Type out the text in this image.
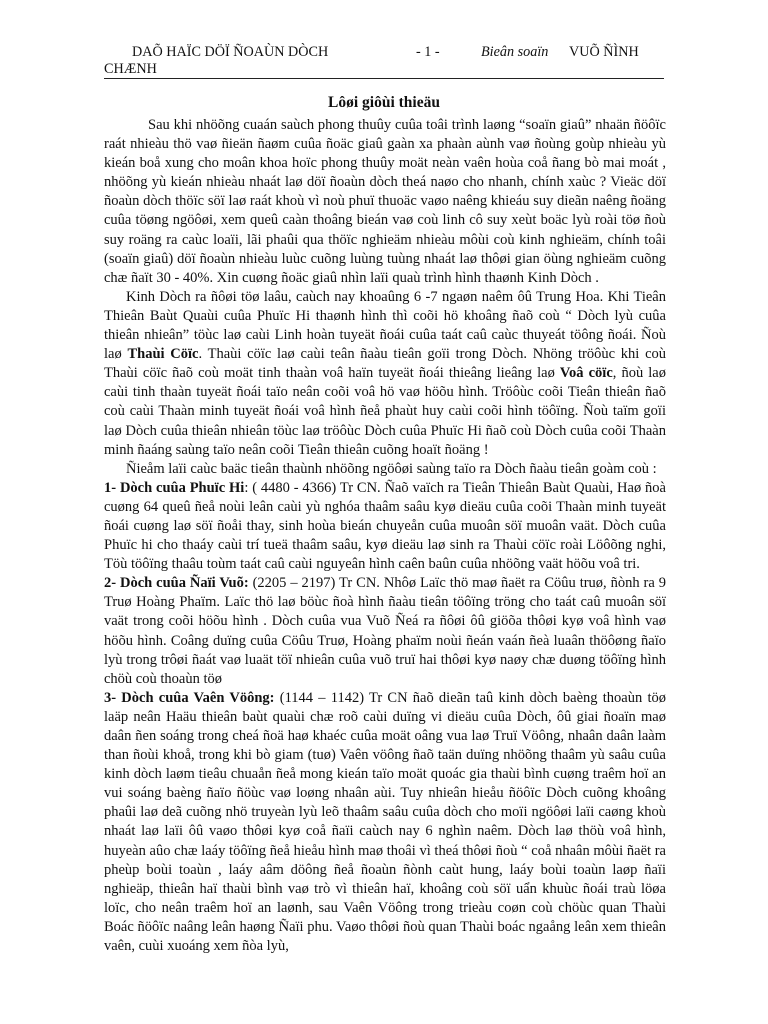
DAÕ HAÏC DÖÏ ÑOAÙN DÒCH	- 1 -	Bieân soaïn VUÕ ÑÌNH
CHÆNH
Lôøi giôùi thieäu

Sau khi nhöõng cuaán saùch phong thuûy cuûa toâi trình laøng “soaïn giaû” nhaän ñöôïc raát nhieàu thö vaø ñieän ñaøm cuûa ñoäc giaû gaàn xa phaàn aùnh vaø ñoùng goùp nhieàu yù kieán boå xung cho moân khoa hoïc phong thuûy moät neàn vaên hoùa coå ñang bò mai moát , nhöõng yù kieán nhieàu nhaát laø döï ñoaùn dòch theá naøo cho nhanh, chính xaùc ? Vieäc döï ñoaùn dòch thöïc söï laø raát khoù vì noù phuï thuoäc vaøo naêng khieáu suy dieãn naêng ñoäng cuûa töøng ngöôøi, xem queû caàn thoâng bieán vaø coù linh cô suy xeùt boäc lyù roài töø ñoù suy roäng ra caùc loaïi, lãi phaûi qua thöïc nghieäm nhieàu môùi coù kinh nghieäm, chính toâi (soaïn giaû) döï ñoaùn nhieàu luùc cuõng luùng tuùng nhaát laø thôøi gian öùng nghieäm cuõng chæ ñaït 30 - 40%. Xin cuøng ñoäc giaû nhìn laïi quaù trình hình thaønh Kinh Dòch .

Kinh Dòch ra ñôøi töø laâu, caùch nay khoaûng 6 -7 ngaøn naêm ôû Trung Hoa. Khi Tieân Thieân Baùt Quaùi cuûa Phuïc Hi thaønh hình thì coõi hö khoâng ñaõ coù “ Dòch lyù cuûa thieân nhieân” töùc laø caùi Linh hoàn tuyeät ñoái cuûa taát caû caùc thuyeát töông ñoái. Ñoù laø Thaùi Cöïc. Thaùi cöïc laø caùi teân ñaàu tieân goïi trong Dòch. Nhöng tröôùc khi coù Thaùi cöïc ñaõ coù moät tinh thaàn voâ haïn tuyeät ñoái thieâng lieâng laø Voâ cöïc, ñoù laø caùi tinh thaàn tuyeät ñoái taïo neân coõi voâ hö vaø höõu hình. Tröôùc coõi Tieân thieân ñaõ coù caùi Thaàn minh tuyeät ñoái voâ hình ñeå phaùt huy caùi coõi hình töôïng. Ñoù taïm goïi laø Dòch cuûa thieân nhieân töùc laø tröôùc Dòch cuûa Phuïc Hi ñaõ coù Dòch cuûa coõi Thaàn minh ñaáng saùng taïo neân coõi Tieân thieân cuõng hoaït ñoäng !

Ñieåm laïi caùc baäc tieân thaùnh nhöõng ngöôøi saùng taïo ra Dòch ñaàu tieân goàm coù :

1- Dòch cuûa Phuïc Hi: ( 4480 - 4366) Tr CN. Ñaõ vaïch ra Tieân Thieân Baùt Quaùi, Haø ñoà cuøng 64 queû ñeå noùi leân caùi yù nghóa thaâm saâu kyø dieäu cuûa coõi Thaàn minh tuyeät ñoái cuøng laø söï ñoåi thay, sinh hoùa bieán chuyeån cuûa muoân söï muoân vaät. Dòch cuûa Phuïc hi cho thaáy caùi trí tueä thaâm saâu, kyø dieäu laø sinh ra Thaùi cöïc roài Löôõng nghi, Töù töôïng thaâu toùm taát caû caùi nguyeân hình caên baûn cuûa nhöõng vaät höõu voâ tri.

2- Dòch cuûa Ñaïi Vuõ: (2205 – 2197) Tr CN. Nhôø Laïc thö maø ñaët ra Cöûu truø, ñònh ra 9 Truø Hoàng Phaïm. Laïc thö laø böùc ñoà hình ñaàu tieân töôïng tröng cho taát caû muoân söï vaät trong coõi höõu hình . Dòch cuûa vua Vuõ Ñeá ra ñôøi ôû giöõa thôøi kyø voâ hình vaø höõu hình. Coâng duïng cuûa Cöûu Truø, Hoàng phaïm noùi ñeán vaán ñeà luaân thöôøng ñaïo lyù trong trôøi ñaát vaø luaät töï nhieân cuûa vuõ truï hai thôøi kyø naøy chæ duøng töôïng hình chöù coù thoaùn töø

3- Dòch cuûa Vaên Vöông: (1144 – 1142) Tr CN ñaõ dieãn taû kinh dòch baèng thoaùn töø laäp neân Haäu thieân baùt quaùi chæ roõ caùi duïng vi dieäu cuûa Dòch, ôû giai ñoaïn maø daân ñen soáng trong cheá ñoä haø khaéc cuûa moät oâng vua laø Truï Vöông, nhaân daân laàm than ñoùi khoå, trong khi bò giam (tuø) Vaên vöông ñaõ taän duïng nhöõng thaâm yù saâu cuûa kinh dòch laøm tieâu chuaån ñeå mong kieán taïo moät quoác gia thaùi bình cuøng traêm hoï an vui soáng baèng ñaïo ñöùc vaø loøng nhaân aùi. Tuy nhieân hieåu ñöôïc Dòch cuõng khoâng phaûi laø deã cuõng nhö truyeàn lyù leõ thaâm saâu cuûa dòch cho moïi ngöôøi laïi caøng khoù nhaát laø laïi ôû vaøo thôøi kyø coå ñaïi caùch nay 6 nghìn naêm. Dòch laø thöù voâ hình, huyeàn aûo chæ laáy töôïng ñeå hieåu hình maø thoâi vì theá thôøi ñoù “ coå nhaân môùi ñaët ra pheùp boùi toaùn , laáy aâm döông ñeå ñoaùn ñònh caùt hung, laáy boùi toaùn laøp ñaïi nghieäp, thieân haï thaùi bình vaø trò vì thieân haï, khoâng coù söï uẩn khuùc ñoái traù löøa loïc, cho neân traêm hoï an laønh, sau Vaên Vöông trong trieàu coøn coù chöùc quan Thaùi Boác ñöôïc naâng leân haøng Ñaïi phu. Vaøo thôøi ñoù quan Thaùi boác ngaång leân xem thieân vaên, cuùi xuoáng xem ñòa lyù,
